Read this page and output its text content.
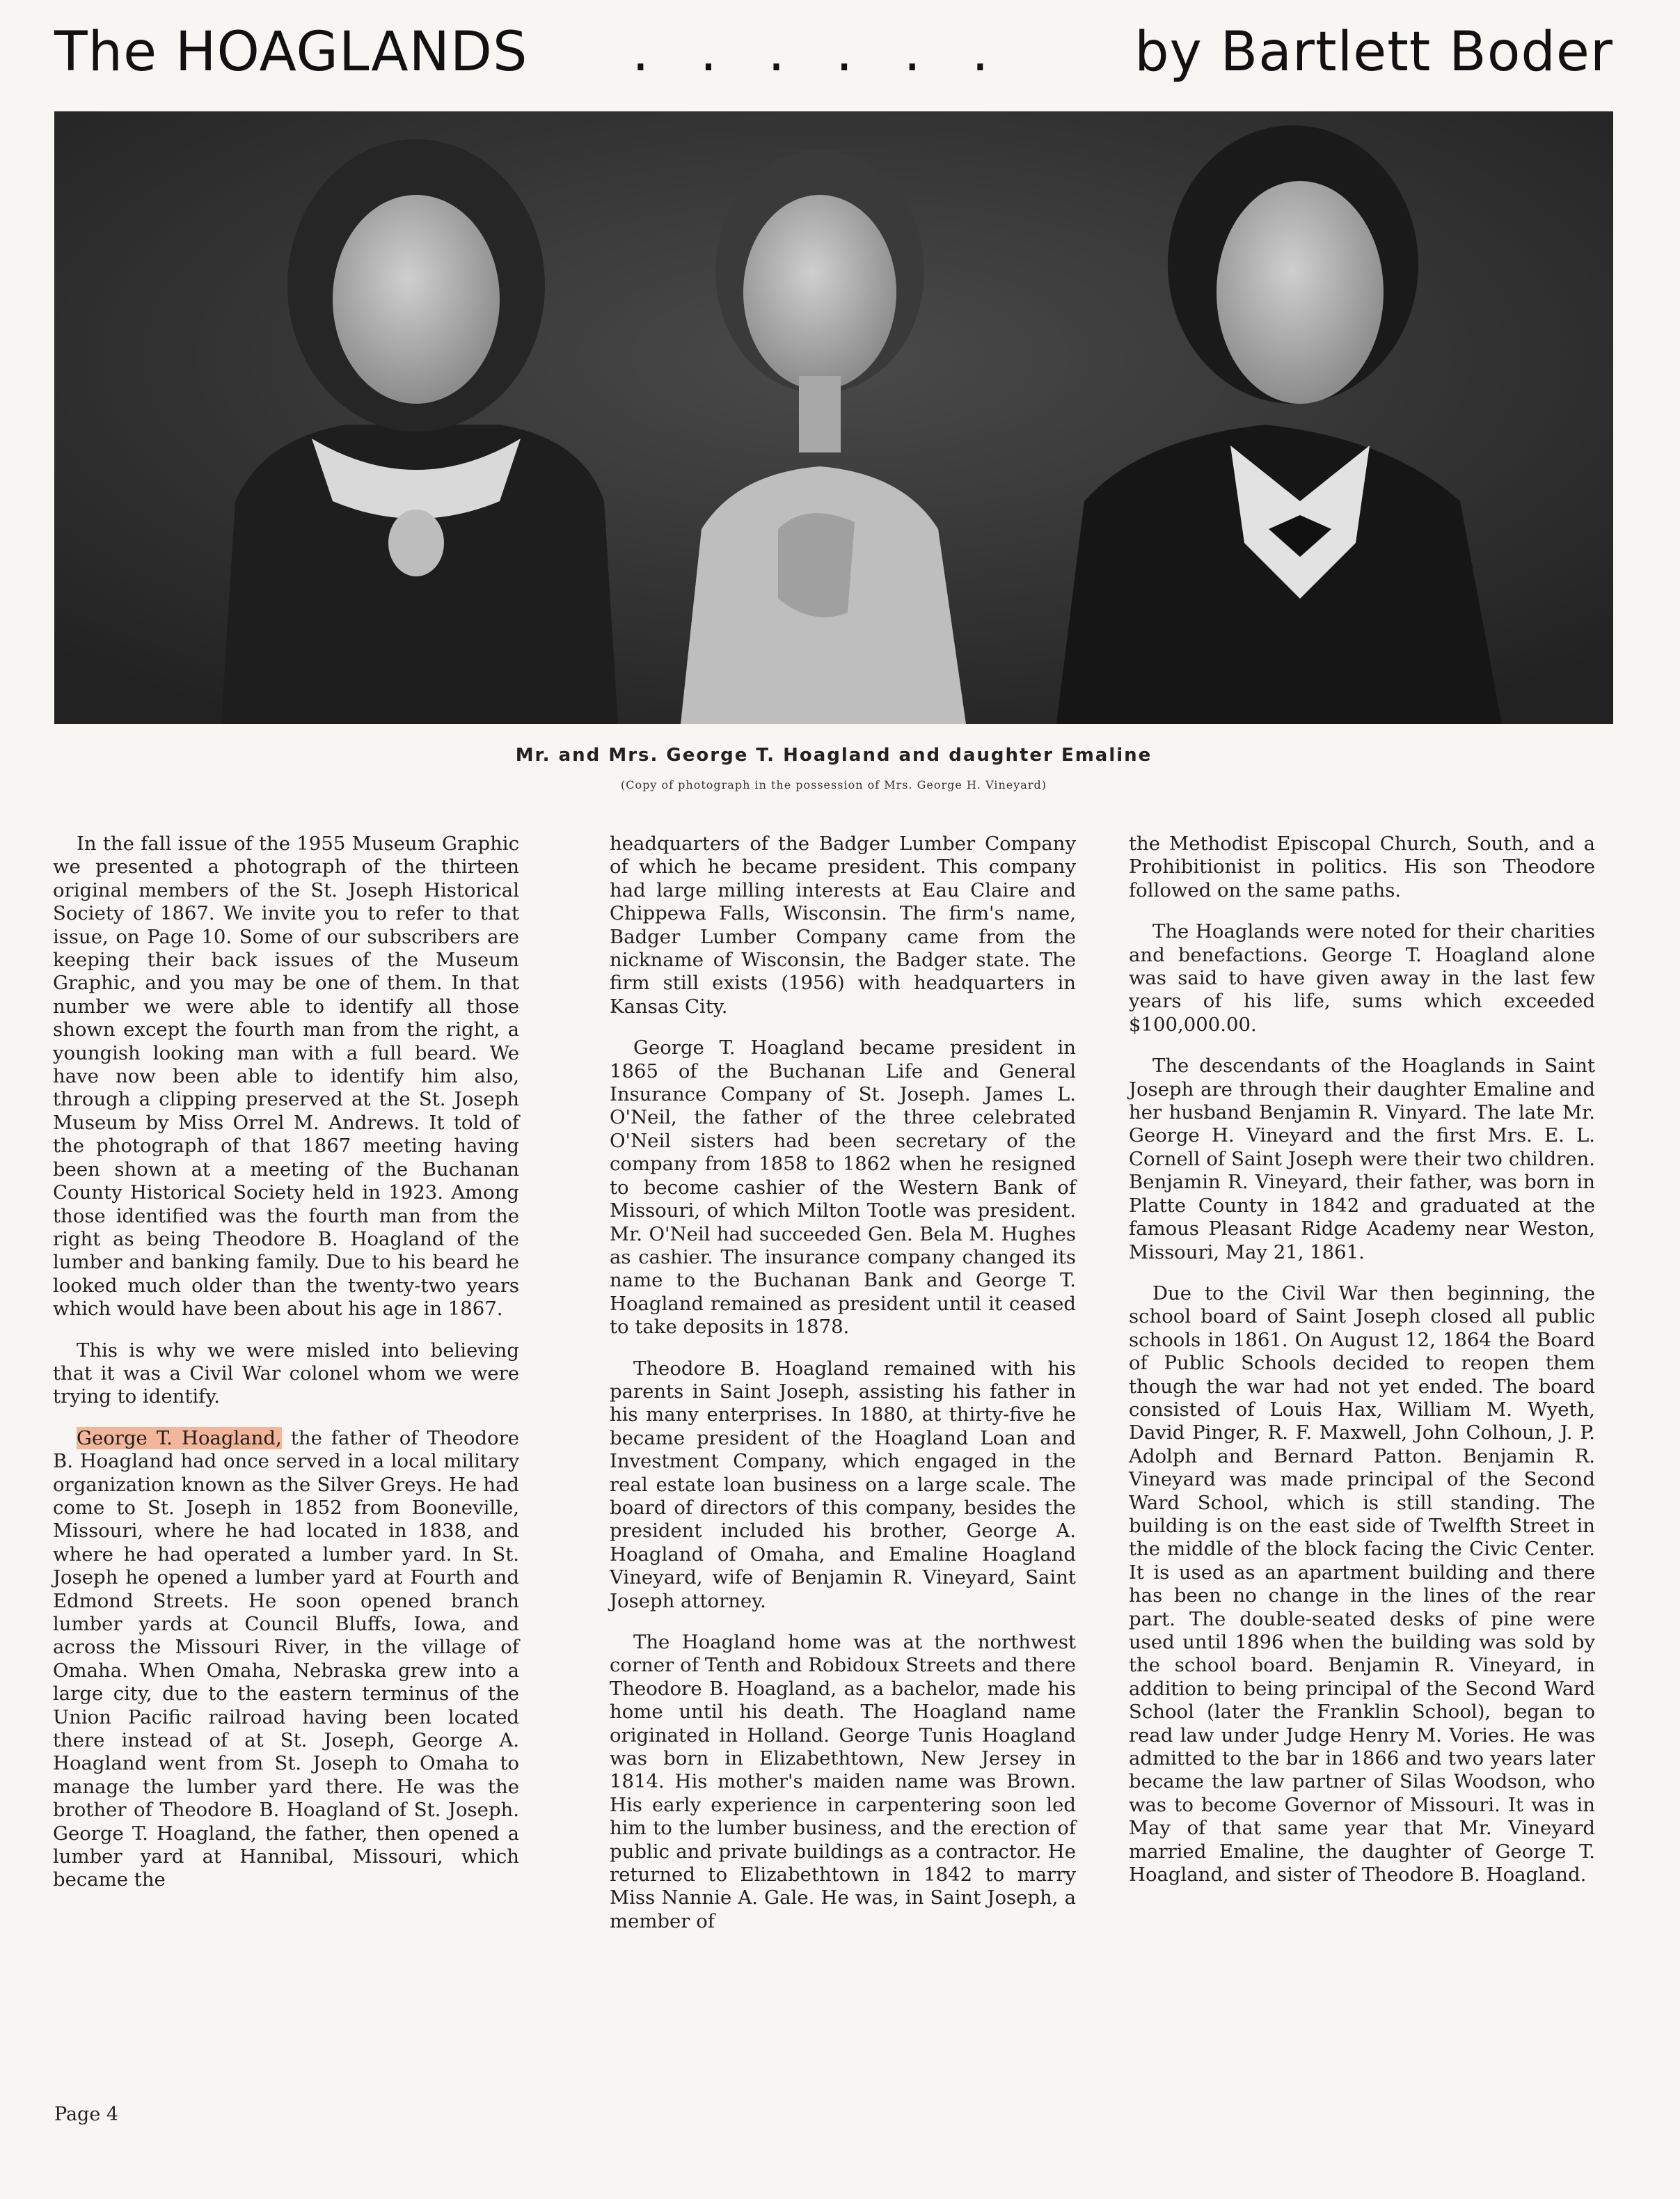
The HOAGLANDS . . . . . . by Bartlett Boder
Mr. and Mrs. George T. Hoagland and daughter Emaline
(Copy of photograph in the possession of Mrs. George H. Vineyard)

In the fall issue of the 1955 Museum Graphic we presented a photograph of the thirteen original members of the St. Joseph Historical Society of 1867. We invite you to refer to that issue, on Page 10. Some of our subscribers are keeping their back issues of the Museum Graphic, and you may be one of them. In that number we were able to identify all those shown except the fourth man from the right, a youngish looking man with a full beard. We have now been able to identify him also, through a clipping preserved at the St. Joseph Museum by Miss Orrel M. Andrews. It told of the photograph of that 1867 meeting having been shown at a meeting of the Buchanan County Historical Society held in 1923. Among those identified was the fourth man from the right as being Theodore B. Hoagland of the lumber and banking family. Due to his beard he looked much older than the twenty-two years which would have been about his age in 1867.

This is why we were misled into believing that it was a Civil War colonel whom we were trying to identify.

George T. Hoagland, the father of Theodore B. Hoagland had once served in a local military organization known as the Silver Greys. He had come to St. Joseph in 1852 from Booneville, Missouri, where he had located in 1838, and where he had operated a lumber yard. In St. Joseph he opened a lumber yard at Fourth and Edmond Streets. He soon opened branch lumber yards at Council Bluffs, Iowa, and across the Missouri River, in the village of Omaha. When Omaha, Nebraska grew into a large city, due to the eastern terminus of the Union Pacific railroad having been located there instead of at St. Joseph, George A. Hoagland went from St. Joseph to Omaha to manage the lumber yard there. He was the brother of Theodore B. Hoagland of St. Joseph. George T. Hoagland, the father, then opened a lumber yard at Hannibal, Missouri, which became the

headquarters of the Badger Lumber Company of which he became president. This company had large milling interests at Eau Claire and Chippewa Falls, Wisconsin. The firm's name, Badger Lumber Company came from the nickname of Wisconsin, the Badger state. The firm still exists (1956) with headquarters in Kansas City.

George T. Hoagland became president in 1865 of the Buchanan Life and General Insurance Company of St. Joseph. James L. O'Neil, the father of the three celebrated O'Neil sisters had been secretary of the company from 1858 to 1862 when he resigned to become cashier of the Western Bank of Missouri, of which Milton Tootle was president. Mr. O'Neil had succeeded Gen. Bela M. Hughes as cashier. The insurance company changed its name to the Buchanan Bank and George T. Hoagland remained as president until it ceased to take deposits in 1878.

Theodore B. Hoagland remained with his parents in Saint Joseph, assisting his father in his many enterprises. In 1880, at thirty-five he became president of the Hoagland Loan and Investment Company, which engaged in the real estate loan business on a large scale. The board of directors of this company, besides the president included his brother, George A. Hoagland of Omaha, and Emaline Hoagland Vineyard, wife of Benjamin R. Vineyard, Saint Joseph attorney.

The Hoagland home was at the northwest corner of Tenth and Robidoux Streets and there Theodore B. Hoagland, as a bachelor, made his home until his death. The Hoagland name originated in Holland. George Tunis Hoagland was born in Elizabethtown, New Jersey in 1814. His mother's maiden name was Brown. His early experience in carpentering soon led him to the lumber business, and the erection of public and private buildings as a contractor. He returned to Elizabethtown in 1842 to marry Miss Nannie A. Gale. He was, in Saint Joseph, a member of

the Methodist Episcopal Church, South, and a Prohibitionist in politics. His son Theodore followed on the same paths.

The Hoaglands were noted for their charities and benefactions. George T. Hoagland alone was said to have given away in the last few years of his life, sums which exceeded $100,000.00.

The descendants of the Hoaglands in Saint Joseph are through their daughter Emaline and her husband Benjamin R. Vinyard. The late Mr. George H. Vineyard and the first Mrs. E. L. Cornell of Saint Joseph were their two children. Benjamin R. Vineyard, their father, was born in Platte County in 1842 and graduated at the famous Pleasant Ridge Academy near Weston, Missouri, May 21, 1861.

Due to the Civil War then beginning, the school board of Saint Joseph closed all public schools in 1861. On August 12, 1864 the Board of Public Schools decided to reopen them though the war had not yet ended. The board consisted of Louis Hax, William M. Wyeth, David Pinger, R. F. Maxwell, John Colhoun, J. P. Adolph and Bernard Patton. Benjamin R. Vineyard was made principal of the Second Ward School, which is still standing. The building is on the east side of Twelfth Street in the middle of the block facing the Civic Center. It is used as an apartment building and there has been no change in the lines of the rear part. The double-seated desks of pine were used until 1896 when the building was sold by the school board. Benjamin R. Vineyard, in addition to being principal of the Second Ward School (later the Franklin School), began to read law under Judge Henry M. Vories. He was admitted to the bar in 1866 and two years later became the law partner of Silas Woodson, who was to become Governor of Missouri. It was in May of that same year that Mr. Vineyard married Emaline, the daughter of George T. Hoagland, and sister of Theodore B. Hoagland.

Page 4
